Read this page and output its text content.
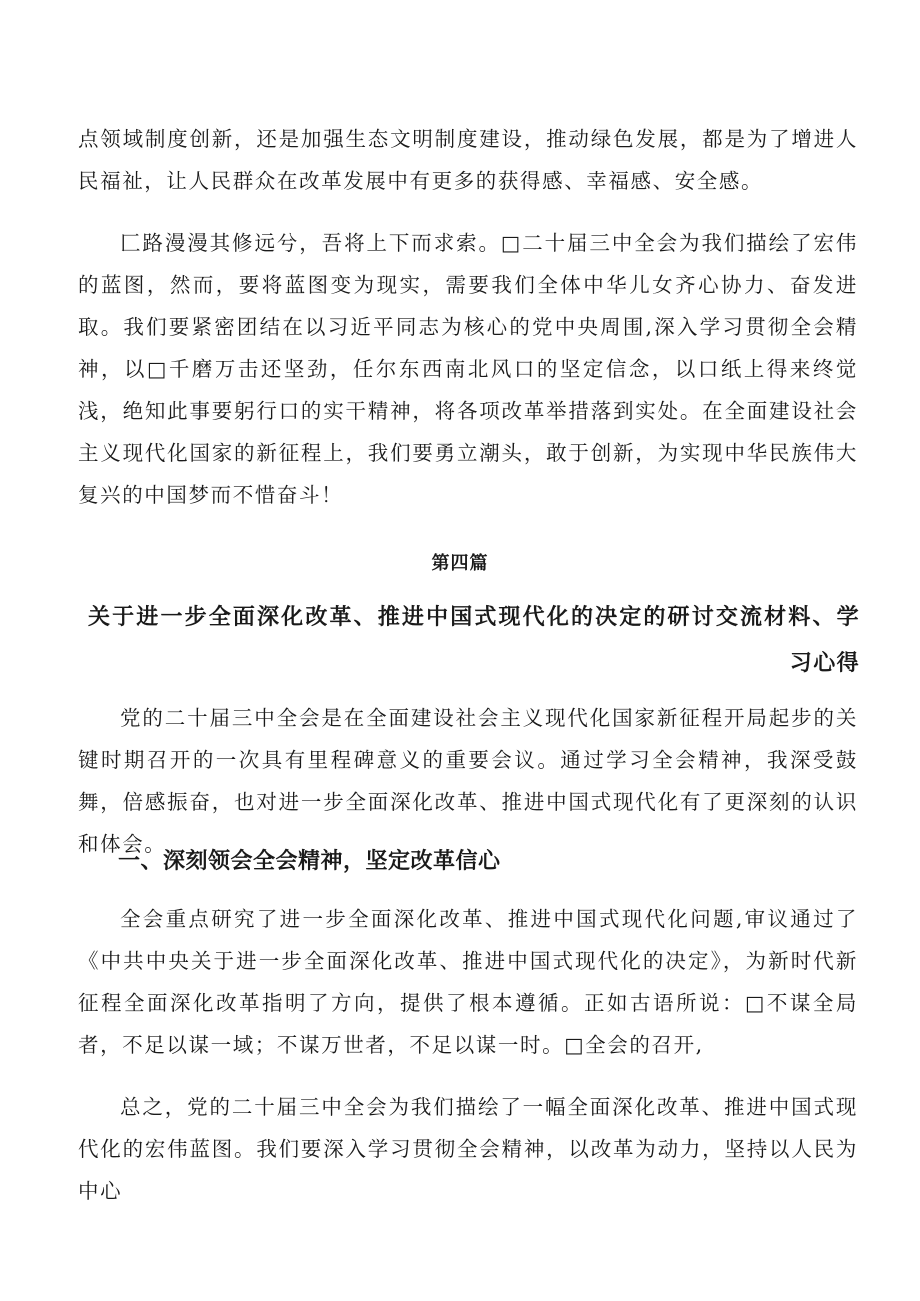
点领域制度创新，还是加强生态文明制度建设，推动绿色发展，都是为了增进人民福祉，让人民群众在改革发展中有更多的获得感、幸福感、安全感。

匚路漫漫其修远兮，吾将上下而求索。□二十届三中全会为我们描绘了宏伟的蓝图，然而，要将蓝图变为现实，需要我们全体中华儿女齐心协力、奋发进取。我们要紧密团结在以习近平同志为核心的党中央周围,深入学习贯彻全会精神，以□千磨万击还坚劲，任尔东西南北风口的坚定信念，以口纸上得来终觉浅，绝知此事要躬行口的实干精神，将各项改革举措落到实处。在全面建设社会主义现代化国家的新征程上，我们要勇立潮头，敢于创新，为实现中华民族伟大复兴的中国梦而不惜奋斗！

第四篇
关于进一步全面深化改革、推进中国式现代化的决定的研讨交流材料、学习心得

党的二十届三中全会是在全面建设社会主义现代化国家新征程开局起步的关键时期召开的一次具有里程碑意义的重要会议。通过学习全会精神，我深受鼓舞，倍感振奋，也对进一步全面深化改革、推进中国式现代化有了更深刻的认识和体会。

一、深刻领会全会精神，坚定改革信心

全会重点研究了进一步全面深化改革、推进中国式现代化问题,审议通过了《中共中央关于进一步全面深化改革、推进中国式现代化的决定》，为新时代新征程全面深化改革指明了方向，提供了根本遵循。正如古语所说：□不谋全局者，不足以谋一域；不谋万世者，不足以谋一时。□全会的召开,

总之，党的二十届三中全会为我们描绘了一幅全面深化改革、推进中国式现代化的宏伟蓝图。我们要深入学习贯彻全会精神，以改革为动力，坚持以人民为中心
